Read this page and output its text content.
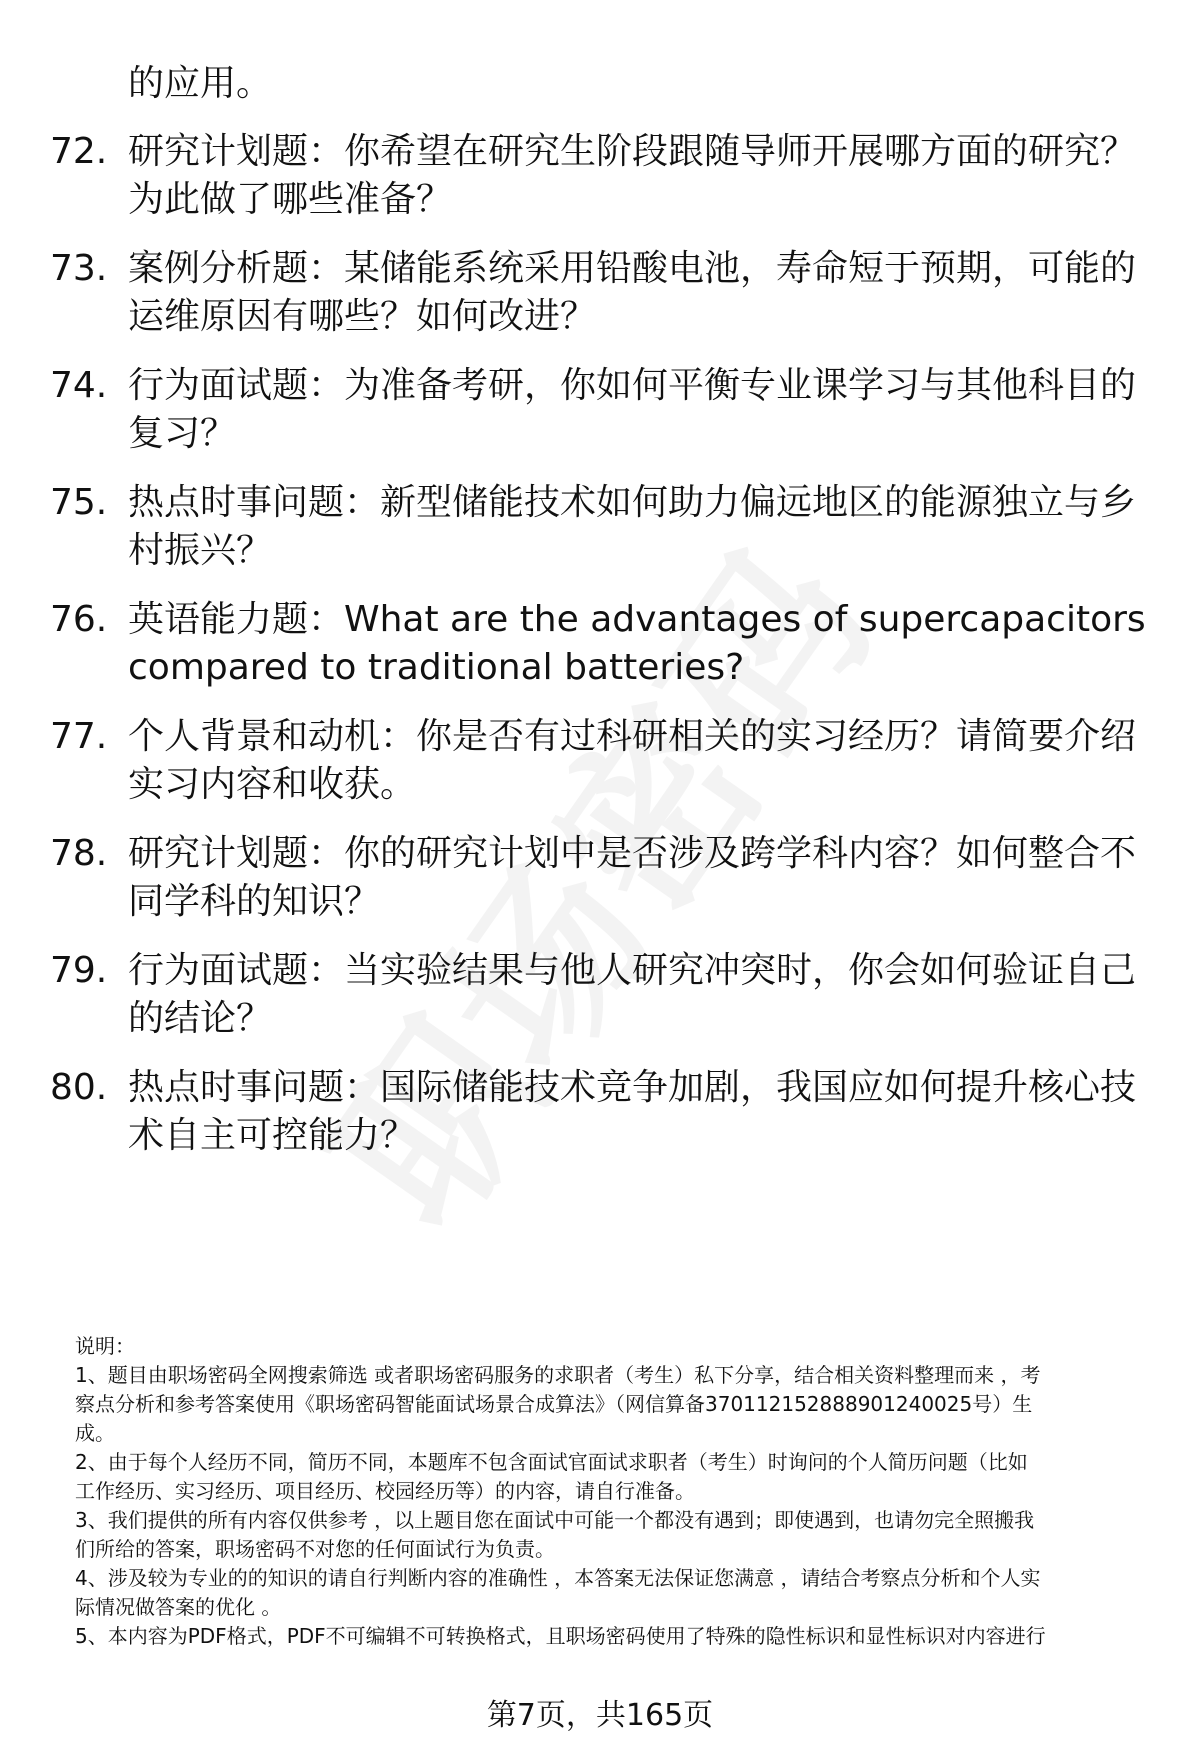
的应用。
72. 研究计划题：你希望在研究生阶段跟随导师开展哪方面的研究？
为此做了哪些准备？
73. 案例分析题：某储能系统采用铅酸电池，寿命短于预期，可能的
运维原因有哪些？如何改进？
74. 行为面试题：为准备考研，你如何平衡专业课学习与其他科目的
复习？
75. 热点时事问题：新型储能技术如何助力偏远地区的能源独立与乡
村振兴？
76. 英语能力题：What are the advantages of supercapacitors
compared to traditional batteries?
77. 个人背景和动机：你是否有过科研相关的实习经历？请简要介绍
实习内容和收获。
78. 研究计划题：你的研究计划中是否涉及跨学科内容？如何整合不
同学科的知识？
79. 行为面试题：当实验结果与他人研究冲突时，你会如何验证自己
的结论？
80. 热点时事问题：国际储能技术竞争加剧，我国应如何提升核心技
术自主可控能力？
说明：
1、题目由职场密码全网搜索筛选 或者职场密码服务的求职者（考生）私下分享，结合相关资料整理而来 ，考
察点分析和参考答案使用《职场密码智能面试场景合成算法》（网信算备370112152888901240025号）生
成。
2、由于每个人经历不同，简历不同，本题库不包含面试官面试求职者（考生）时询问的个人简历问题（比如
工作经历、实习经历、项目经历、校园经历等）的内容，请自行准备。
3、我们提供的所有内容仅供参考 ，以上题目您在面试中可能一个都没有遇到；即使遇到，也请勿完全照搬我
们所给的答案，职场密码不对您的任何面试行为负责。
4、涉及较为专业的的知识的请自行判断内容的准确性 ，本答案无法保证您满意 ，请结合考察点分析和个人实
际情况做答案的优化 。
5、本内容为PDF格式，PDF不可编辑不可转换格式，且职场密码使用了特殊的隐性标识和显性标识对内容进行
第7页，共165页
